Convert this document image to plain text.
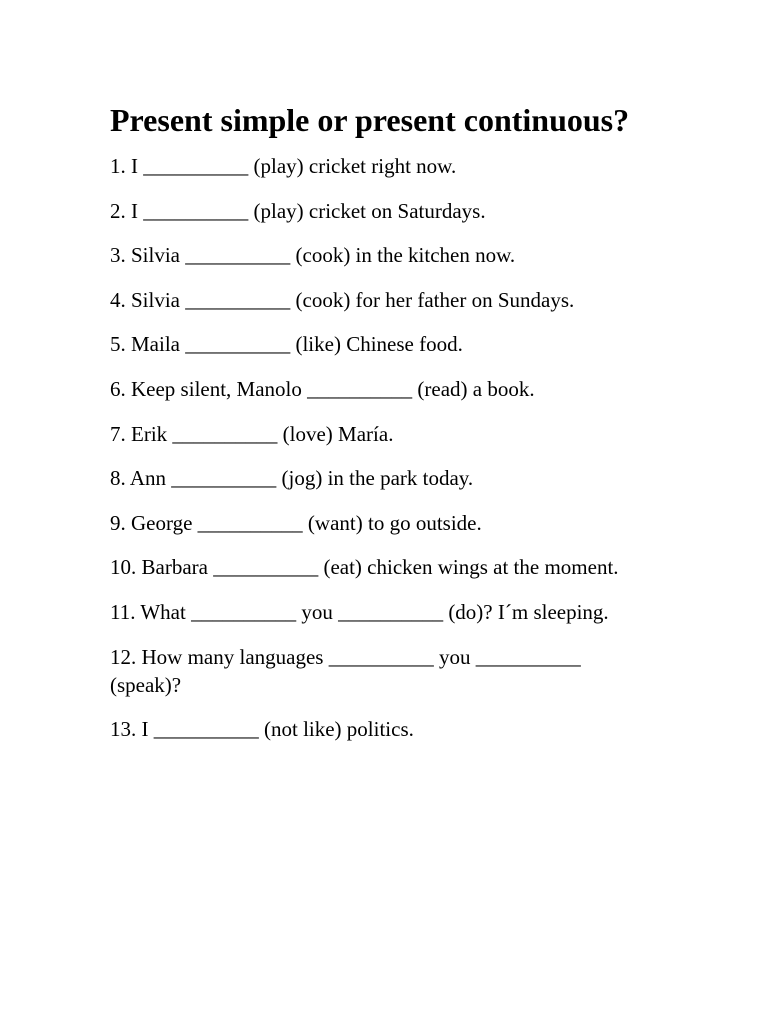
Present simple or present continuous?
1. I __________ (play) cricket right now.
2. I __________ (play) cricket on Saturdays.
3. Silvia __________ (cook) in the kitchen now.
4. Silvia __________ (cook) for her father on Sundays.
5. Maila __________ (like) Chinese food.
6. Keep silent, Manolo __________ (read) a book.
7. Erik __________ (love) María.
8. Ann __________ (jog) in the park today.
9. George __________ (want) to go outside.
10. Barbara __________ (eat) chicken wings at the moment.
11. What __________ you __________ (do)? I´m sleeping.
12. How many languages __________ you __________ (speak)?
13. I __________ (not like) politics.
